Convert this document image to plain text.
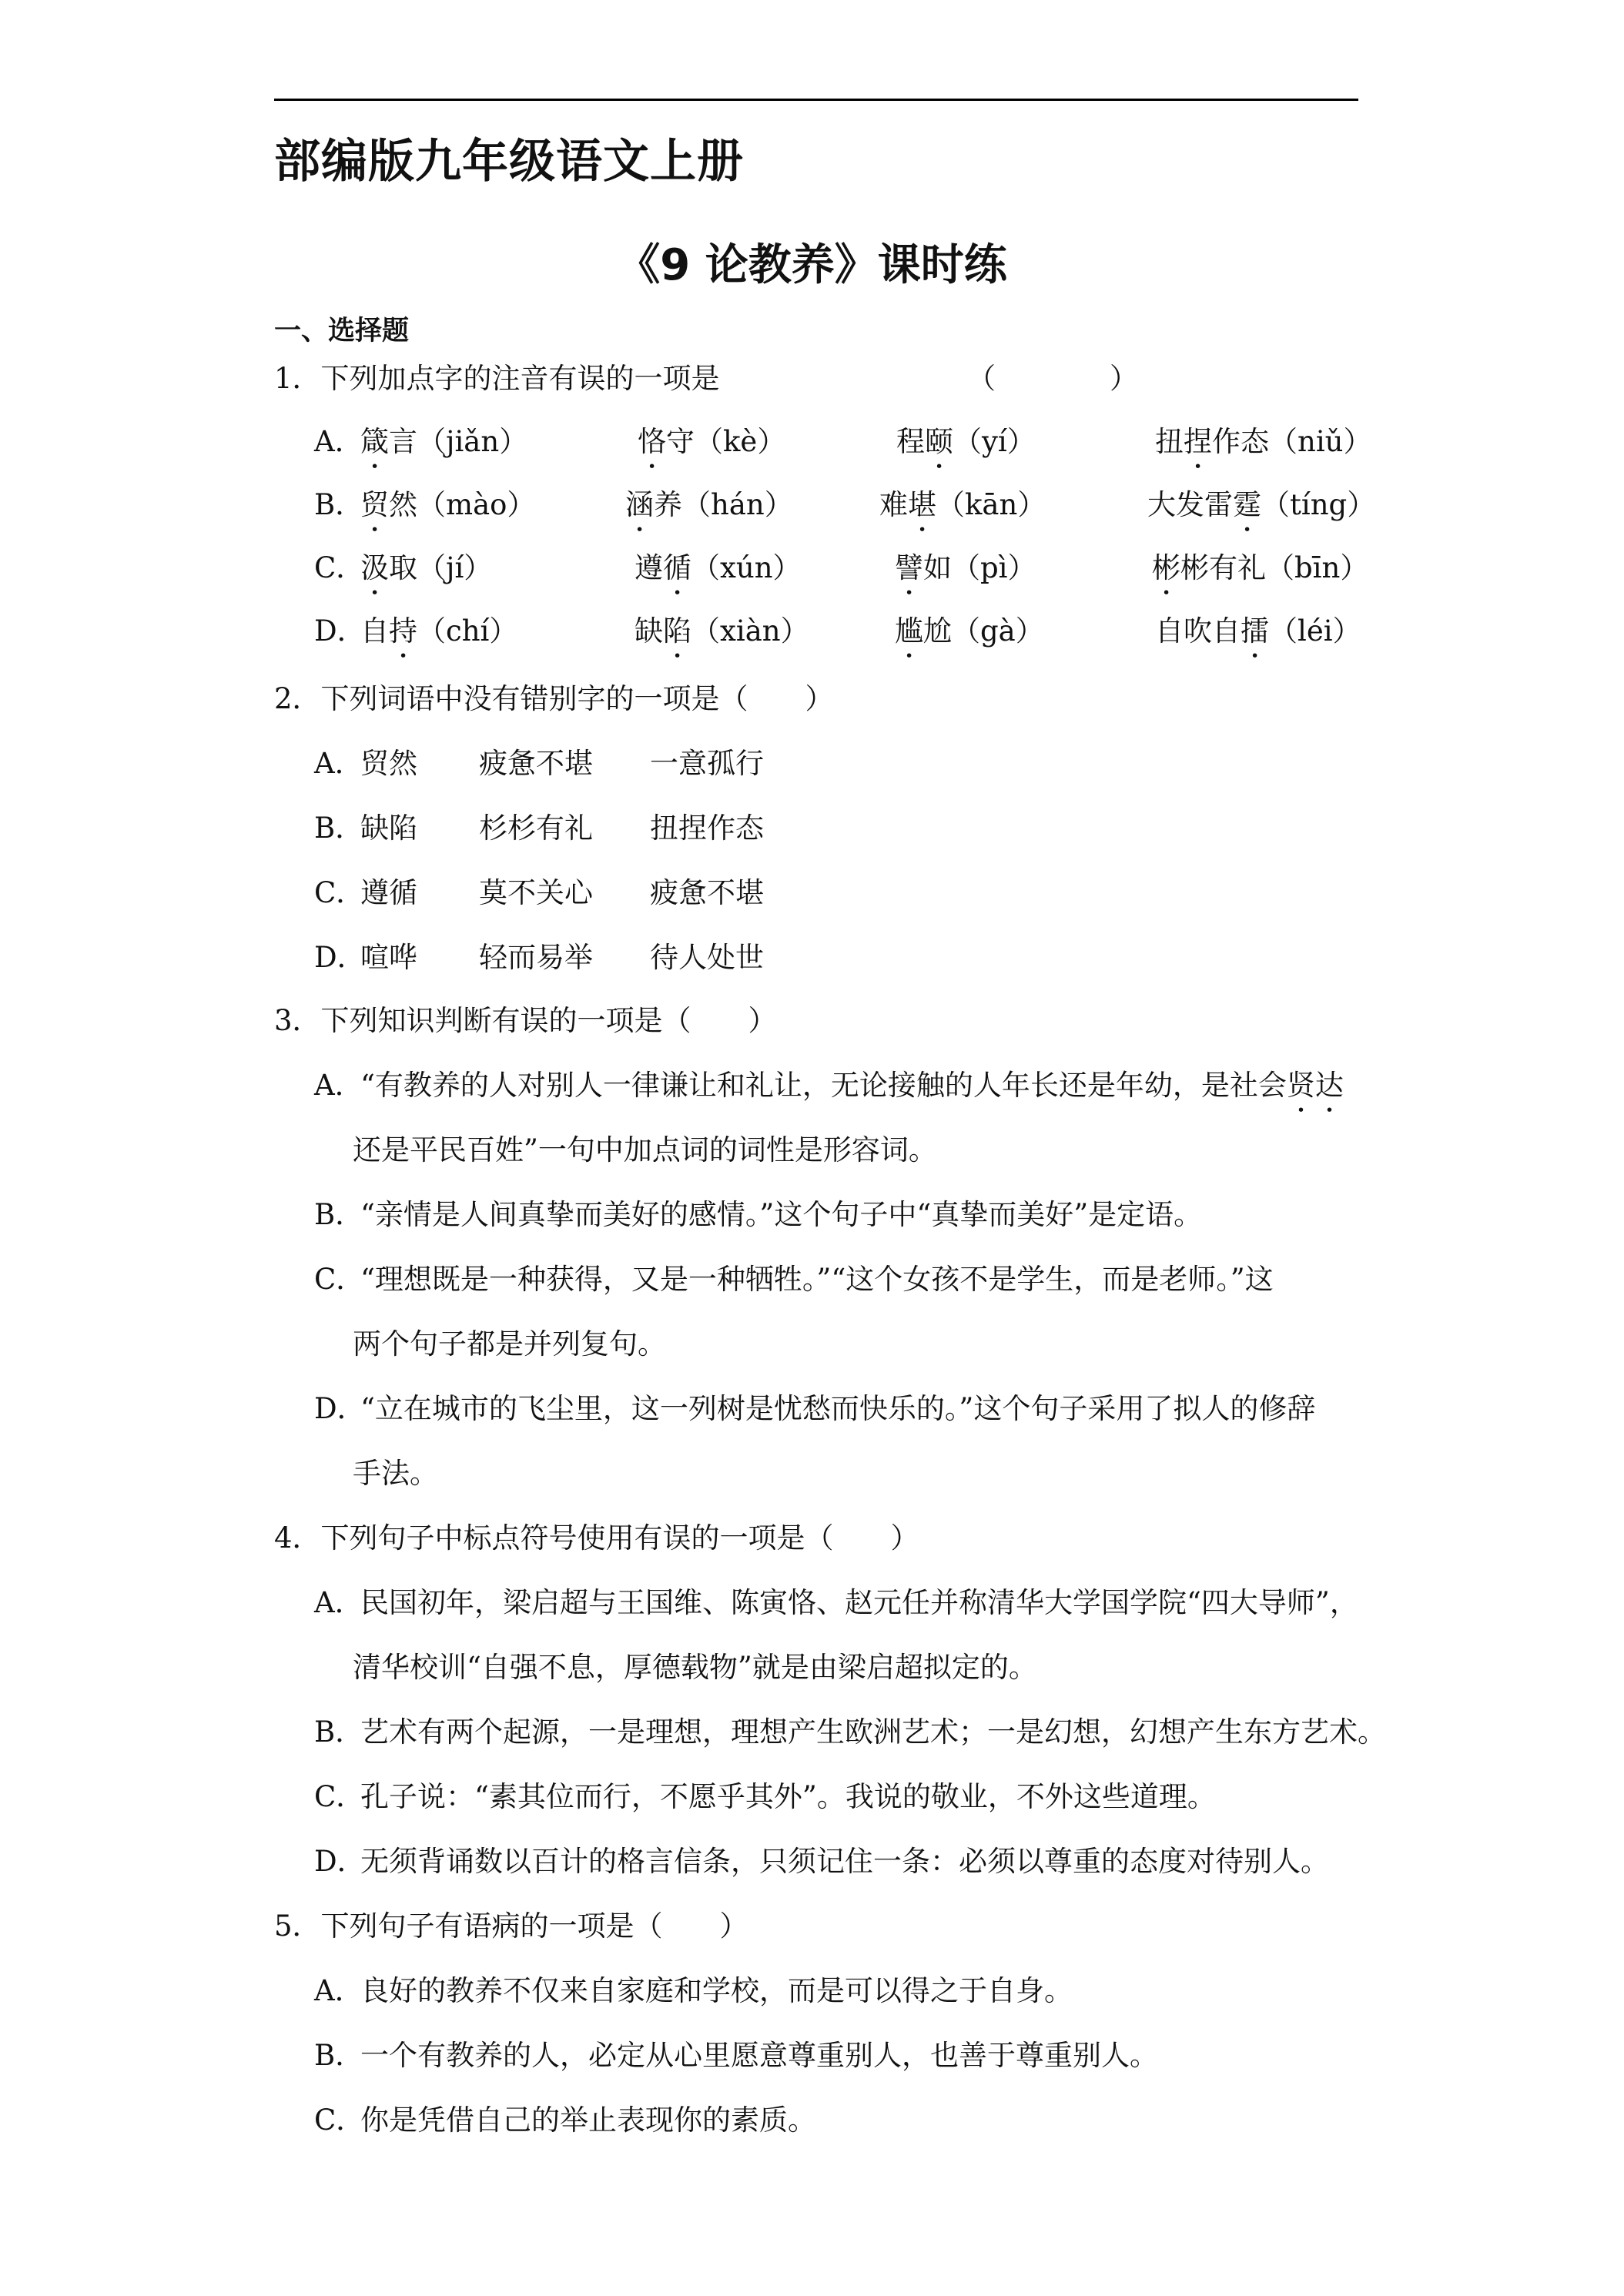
部编版九年级语文上册
《9 论教养》课时练
一、选择题
1．下列加点字的注音有误的一项是	（　　　　）
A．
箴言（jiǎn）	恪守（kè）	程颐（yí）	扭捏作态（niǔ）
B．
贸然（mào）	涵养（hán）	难堪（kān）	大发雷霆（tíng）
C．
汲取（jí）	遵循（xún）	譬如（pì）	彬彬有礼（bīn）
D．
自持（chí）	缺陷（xiàn）	尴尬（gà）	自吹自擂（léi）
2．下列词语中没有错别字的一项是（　　）
A．
贸然 疲惫不堪 一意孤行
B．
缺陷 杉杉有礼 扭捏作态
C．
遵循 莫不关心 疲惫不堪
D．
喧哗 轻而易举 待人处世
3．下列知识判断有误的一项是（　　）
A．
“有教养的人对别人一律谦让和礼让，无论接触的人年长还是年幼，是社会贤达
还是平民百姓”一句中加点词的词性是形容词。
B．
“亲情是人间真挚而美好的感情。”这个句子中“真挚而美好”是定语。
C．
“理想既是一种获得，又是一种牺牲。”“这个女孩不是学生，而是老师。”这
两个句子都是并列复句。
D．
“立在城市的飞尘里，这一列树是忧愁而快乐的。”这个句子采用了拟人的修辞
手法。
4．下列句子中标点符号使用有误的一项是（　　）
A．
民国初年，梁启超与王国维、陈寅恪、赵元任并称清华大学国学院“四大导师”，
清华校训“自强不息，厚德载物”就是由梁启超拟定的。
B．
艺术有两个起源，一是理想，理想产生欧洲艺术；一是幻想，幻想产生东方艺术。
C．
孔子说：“素其位而行，不愿乎其外”。我说的敬业，不外这些道理。
D．
无须背诵数以百计的格言信条，只须记住一条：必须以尊重的态度对待别人。
5．下列句子有语病的一项是（　　）
A．
良好的教养不仅来自家庭和学校，而是可以得之于自身。
B．
一个有教养的人，必定从心里愿意尊重别人，也善于尊重别人。
C．
你是凭借自己的举止表现你的素质。
